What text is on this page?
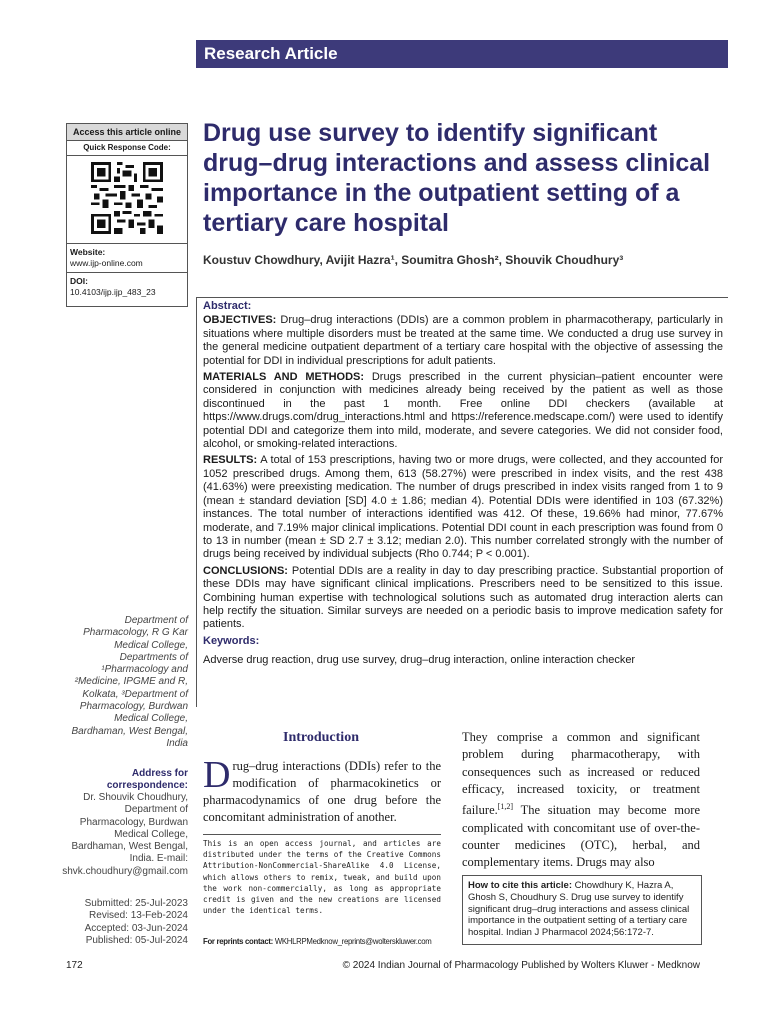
Research Article
Access this article online
Quick Response Code:
Website:
www.ijp-online.com
DOI:
10.4103/ijp.ijp_483_23
Drug use survey to identify significant drug–drug interactions and assess clinical importance in the outpatient setting of a tertiary care hospital
Koustuv Chowdhury, Avijit Hazra¹, Soumitra Ghosh², Shouvik Choudhury³
Abstract:

OBJECTIVES: Drug–drug interactions (DDIs) are a common problem in pharmacotherapy, particularly in situations where multiple disorders must be treated at the same time. We conducted a drug use survey in the general medicine outpatient department of a tertiary care hospital with the objective of assessing the potential for DDI in individual prescriptions for adult patients.

MATERIALS AND METHODS: Drugs prescribed in the current physician–patient encounter were considered in conjunction with medicines already being received by the patient as well as those discontinued in the past 1 month. Free online DDI checkers (available at https://www.drugs.com/drug_interactions.html and https://reference.medscape.com/) were used to identify potential DDI and categorize them into mild, moderate, and severe categories. We did not consider food, alcohol, or smoking-related interactions.

RESULTS: A total of 153 prescriptions, having two or more drugs, were collected, and they accounted for 1052 prescribed drugs. Among them, 613 (58.27%) were prescribed in index visits, and the rest 438 (41.63%) were preexisting medication. The number of drugs prescribed in index visits ranged from 1 to 9 (mean ± standard deviation [SD] 4.0 ± 1.86; median 4). Potential DDIs were identified in 103 (67.32%) instances. The total number of interactions identified was 412. Of these, 19.66% had minor, 77.67% moderate, and 7.19% major clinical implications. Potential DDI count in each prescription was found from 0 to 13 in number (mean ± SD 2.7 ± 3.12; median 2.0). This number correlated strongly with the number of drugs being received by individual subjects (Rho 0.744; P < 0.001).

CONCLUSIONS: Potential DDIs are a reality in day to day prescribing practice. Substantial proportion of these DDIs may have significant clinical implications. Prescribers need to be sensitized to this issue. Combining human expertise with technological solutions such as automated drug interaction alerts can help rectify the situation. Similar surveys are needed on a periodic basis to improve medication safety for patients.

Keywords:
Adverse drug reaction, drug use survey, drug–drug interaction, online interaction checker
Department of Pharmacology, R G Kar Medical College, Departments of ¹Pharmacology and ²Medicine, IPGME and R, Kolkata, ³Department of Pharmacology, Burdwan Medical College, Bardhaman, West Bengal, India
Address for correspondence:
Dr. Shouvik Choudhury, Department of Pharmacology, Burdwan Medical College, Bardhaman, West Bengal, India. E-mail: shvk.choudhury@gmail.com
Submitted: 25-Jul-2023
Revised: 13-Feb-2024
Accepted: 03-Jun-2024
Published: 05-Jul-2024
Introduction
Drug–drug interactions (DDIs) refer to the modification of pharmacokinetics or pharmacodynamics of one drug before the concomitant administration of another.
They comprise a common and significant problem during pharmacotherapy, with consequences such as increased or reduced efficacy, increased toxicity, or treatment failure.[1,2] The situation may become more complicated with concomitant use of over-the-counter medicines (OTC), herbal, and complementary items. Drugs may also
This is an open access journal, and articles are distributed under the terms of the Creative Commons Attribution-NonCommercial-ShareAlike 4.0 License, which allows others to remix, tweak, and build upon the work non-commercially, as long as appropriate credit is given and the new creations are licensed under the identical terms.
For reprints contact: WKHLRPMedknow_reprints@wolterskluwer.com
How to cite this article: Chowdhury K, Hazra A, Ghosh S, Choudhury S. Drug use survey to identify significant drug–drug interactions and assess clinical importance in the outpatient setting of a tertiary care hospital. Indian J Pharmacol 2024;56:172-7.
172	© 2024 Indian Journal of Pharmacology Published by Wolters Kluwer - Medknow
